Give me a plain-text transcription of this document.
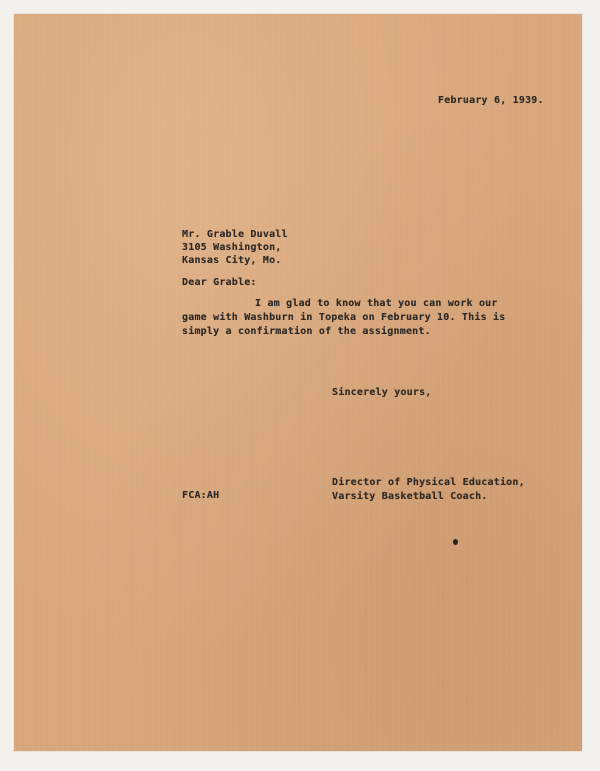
February 6, 1939.
Mr. Grable Duvall
3105 Washington,
Kansas City, Mo.
Dear Grable:
I am glad to know that you can work our
game with Washburn in Topeka on February 10. This is
simply a confirmation of the assignment.
Sincerely yours,
Director of Physical Education,
Varsity Basketball Coach.
FCA:AH
